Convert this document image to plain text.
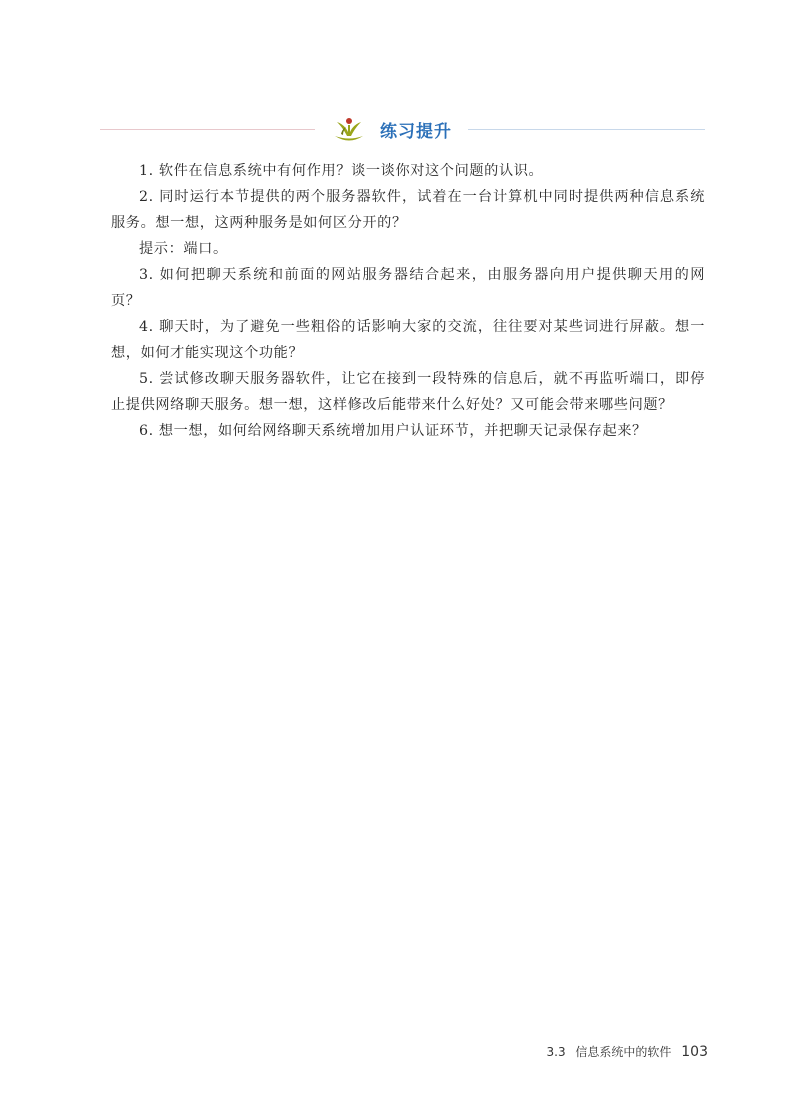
练习提升

1. 软件在信息系统中有何作用？谈一谈你对这个问题的认识。

2. 同时运行本节提供的两个服务器软件，试着在一台计算机中同时提供两种信息系统服务。想一想，这两种服务是如何区分开的？

提示：端口。

3. 如何把聊天系统和前面的网站服务器结合起来，由服务器向用户提供聊天用的网页？

4. 聊天时，为了避免一些粗俗的话影响大家的交流，往往要对某些词进行屏蔽。想一想，如何才能实现这个功能？

5. 尝试修改聊天服务器软件，让它在接到一段特殊的信息后，就不再监听端口，即停止提供网络聊天服务。想一想，这样修改后能带来什么好处？又可能会带来哪些问题？

6. 想一想，如何给网络聊天系统增加用户认证环节，并把聊天记录保存起来？

3.3 信息系统中的软件 103
